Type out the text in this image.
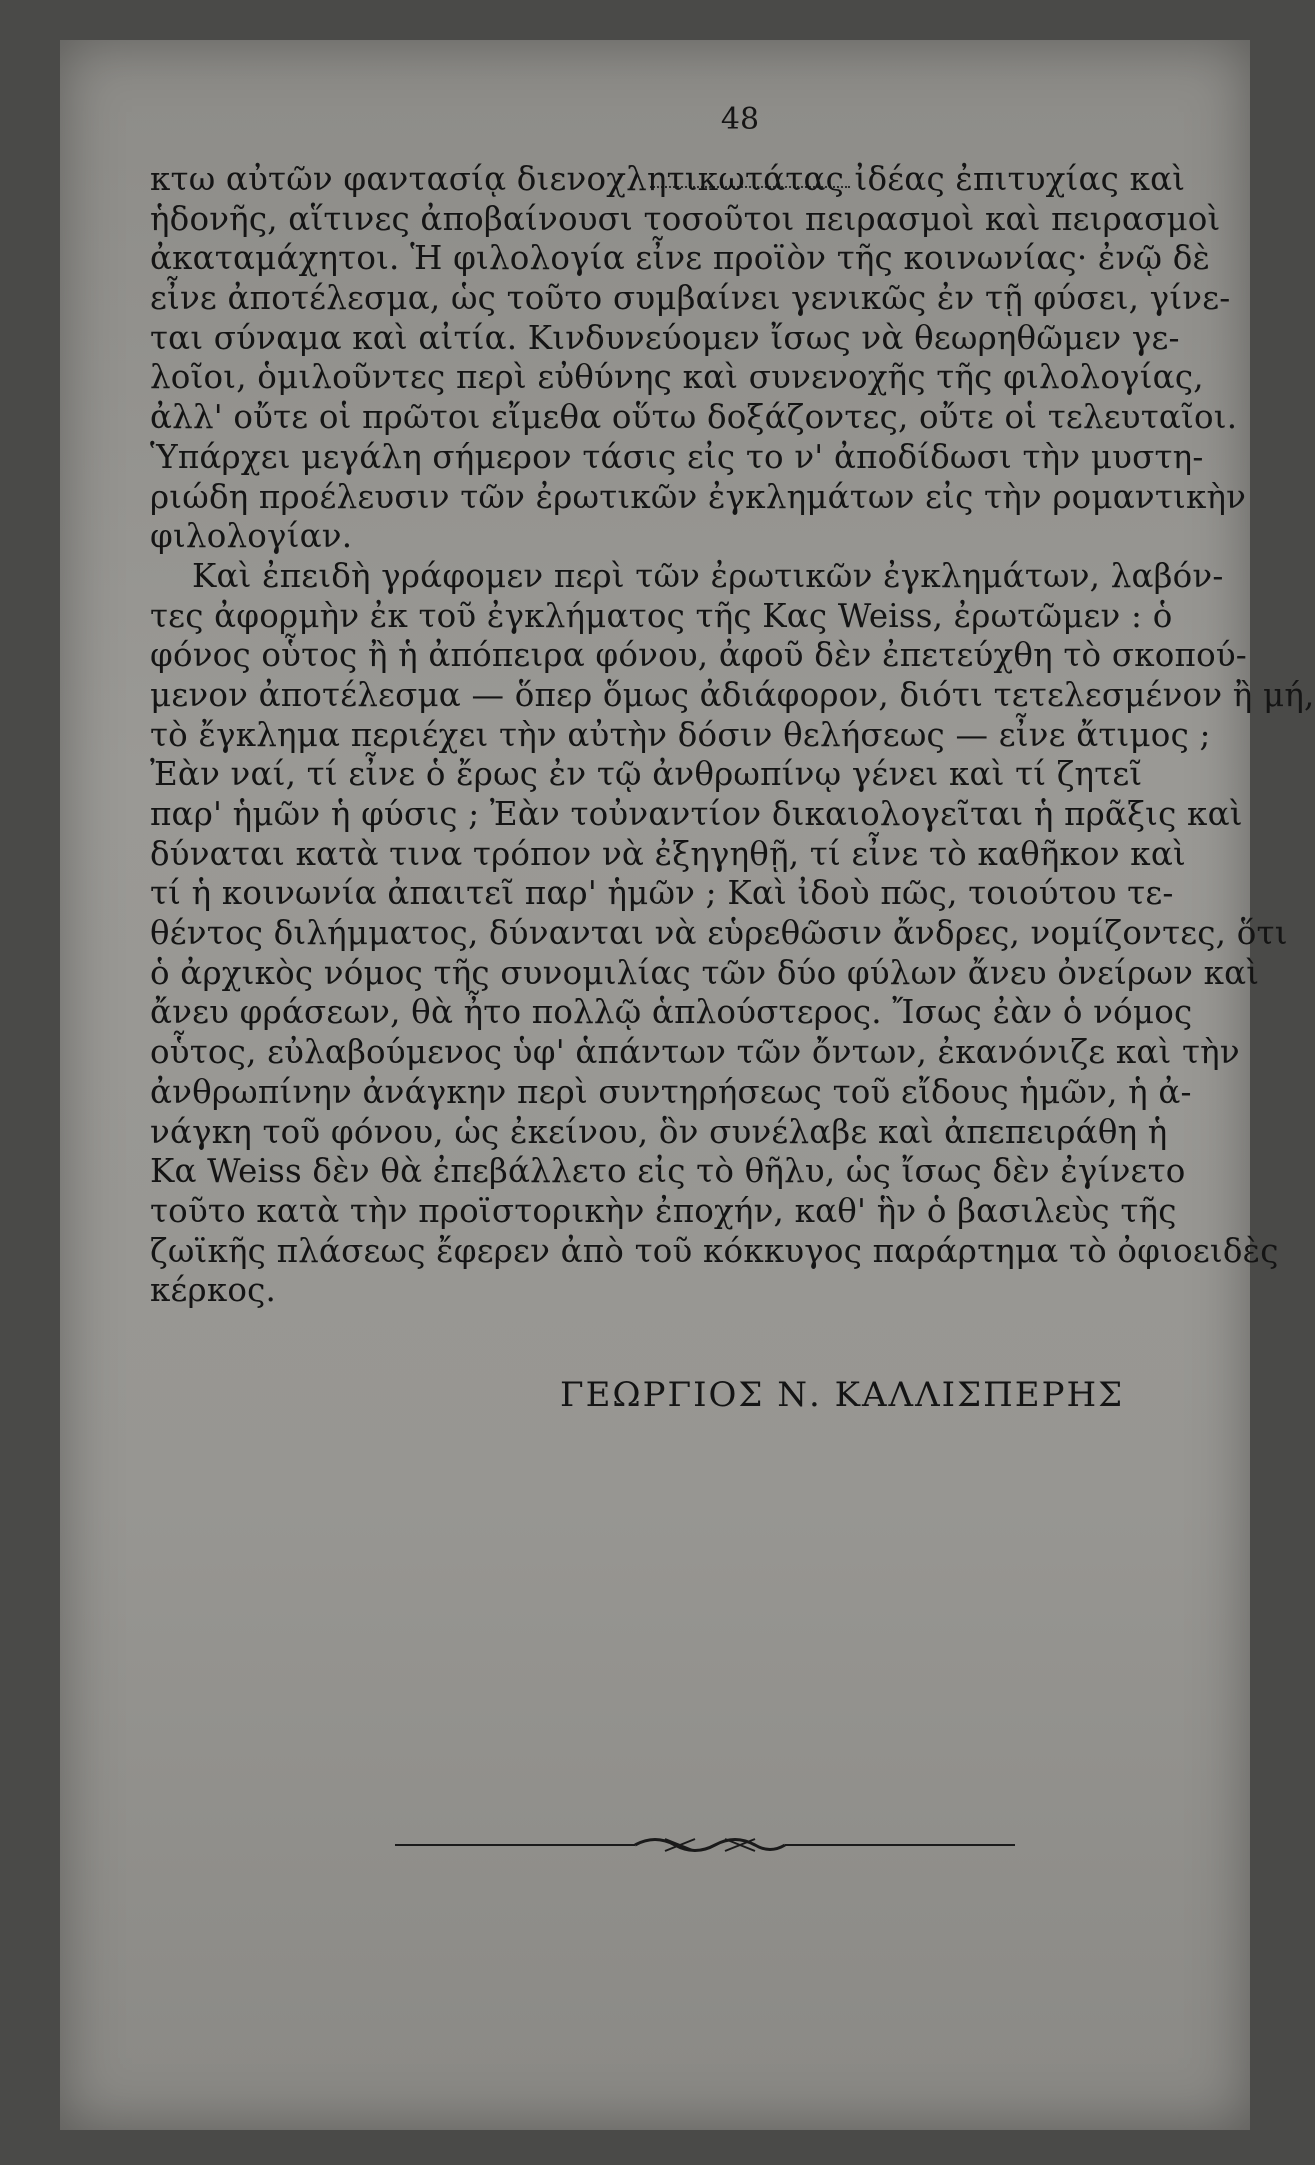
48
κτω αὐτῶν φαντασίᾳ διενοχλητικωτάτας ἰδέας ἐπιτυχίας καὶ
ἡδονῆς, αἵτινες ἀποβαίνουσι τοσοῦτοι πειρασμοὶ καὶ πειρασμοὶ
ἀκαταμάχητοι. Ἡ φιλολογία εἶνε προϊὸν τῆς κοινωνίας· ἐνῷ δὲ
εἶνε ἀποτέλεσμα, ὡς τοῦτο συμβαίνει γενικῶς ἐν τῇ φύσει, γίνε-
ται σύναμα καὶ αἰτία. Κινδυνεύομεν ἴσως νὰ θεωρηθῶμεν γε-
λοῖοι, ὁμιλοῦντες περὶ εὐθύνης καὶ συνενοχῆς τῆς φιλολογίας,
ἀλλ' οὔτε οἱ πρῶτοι εἴμεθα οὕτω δοξάζοντες, οὔτε οἱ τελευταῖοι.
Ὑπάρχει μεγάλη σήμερον τάσις εἰς το ν' ἀποδίδωσι τὴν μυστη-
ριώδη προέλευσιν τῶν ἐρωτικῶν ἐγκλημάτων εἰς τὴν ρομαντικὴν
φιλολογίαν.
Καὶ ἐπειδὴ γράφομεν περὶ τῶν ἐρωτικῶν ἐγκλημάτων, λαβόν-
τες ἀφορμὴν ἐκ τοῦ ἐγκλήματος τῆς Κας Weiss, ἐρωτῶμεν : ὁ
φόνος οὗτος ἢ ἡ ἀπόπειρα φόνου, ἀφοῦ δὲν ἐπετεύχθη τὸ σκοπού-
μενον ἀποτέλεσμα — ὅπερ ὅμως ἀδιάφορον, διότι τετελεσμένον ἢ μή,
τὸ ἔγκλημα περιέχει τὴν αὐτὴν δόσιν θελήσεως — εἶνε ἄτιμος ;
Ἐὰν ναί, τί εἶνε ὁ ἔρως ἐν τῷ ἀνθρωπίνῳ γένει καὶ τί ζητεῖ
παρ' ἡμῶν ἡ φύσις ; Ἐὰν τοὐναντίον δικαιολογεῖται ἡ πρᾶξις καὶ
δύναται κατὰ τινα τρόπον νὰ ἐξηγηθῇ, τί εἶνε τὸ καθῆκον καὶ
τί ἡ κοινωνία ἀπαιτεῖ παρ' ἡμῶν ; Καὶ ἰδοὺ πῶς, τοιούτου τε-
θέντος διλήμματος, δύνανται νὰ εὑρεθῶσιν ἄνδρες, νομίζοντες, ὅτι
ὁ ἀρχικὸς νόμος τῆς συνομιλίας τῶν δύο φύλων ἄνευ ὀνείρων καὶ
ἄνευ φράσεων, θὰ ἦτο πολλῷ ἁπλούστερος. Ἴσως ἐὰν ὁ νόμος
οὗτος, εὐλαβούμενος ὑφ' ἁπάντων τῶν ὄντων, ἐκανόνιζε καὶ τὴν
ἀνθρωπίνην ἀνάγκην περὶ συντηρήσεως τοῦ εἴδους ἡμῶν, ἡ ἀ-
νάγκη τοῦ φόνου, ὡς ἐκείνου, ὃν συνέλαβε καὶ ἀπεπειράθη ἡ
Κα Weiss δὲν θὰ ἐπεβάλλετο εἰς τὸ θῆλυ, ὡς ἴσως δὲν ἐγίνετο
τοῦτο κατὰ τὴν προϊστορικὴν ἐποχήν, καθ' ἣν ὁ βασιλεὺς τῆς
ζωϊκῆς πλάσεως ἔφερεν ἀπὸ τοῦ κόκκυγος παράρτημα τὸ ὀφιοειδὲς
κέρκος.
ΓΕΩΡΓΙΟΣ Ν. ΚΑΛΛΙΣΠΕΡΗΣ
